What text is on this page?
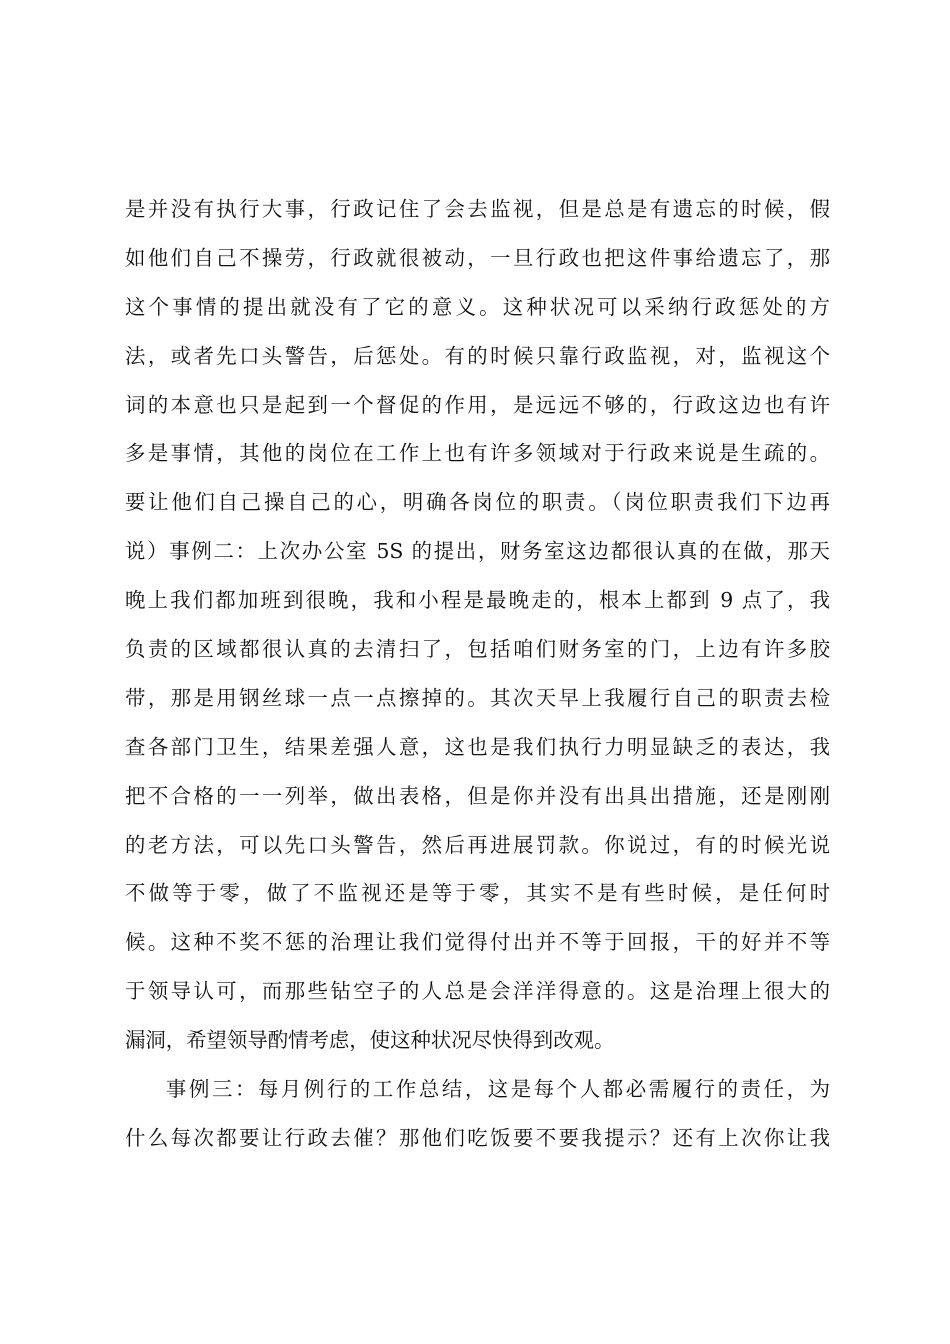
是并没有执行大事，行政记住了会去监视，但是总是有遗忘的时候，假
如他们自己不操劳，行政就很被动，一旦行政也把这件事给遗忘了，那
这个事情的提出就没有了它的意义。这种状况可以采纳行政惩处的方
法，或者先口头警告，后惩处。有的时候只靠行政监视，对，监视这个
词的本意也只是起到一个督促的作用，是远远不够的，行政这边也有许
多是事情，其他的岗位在工作上也有许多领域对于行政来说是生疏的。
要让他们自己操自己的心，明确各岗位的职责。（岗位职责我们下边再
说）事例二：上次办公室 5S 的提出，财务室这边都很认真的在做，那天
晚上我们都加班到很晚，我和小程是最晚走的，根本上都到 9 点了，我
负责的区域都很认真的去清扫了，包括咱们财务室的门，上边有许多胶
带，那是用钢丝球一点一点擦掉的。其次天早上我履行自己的职责去检
查各部门卫生，结果差强人意，这也是我们执行力明显缺乏的表达，我
把不合格的一一列举，做出表格，但是你并没有出具出措施，还是刚刚
的老方法，可以先口头警告，然后再进展罚款。你说过，有的时候光说
不做等于零，做了不监视还是等于零，其实不是有些时候，是任何时
候。这种不奖不惩的治理让我们觉得付出并不等于回报，干的好并不等
于领导认可，而那些钻空子的人总是会洋洋得意的。这是治理上很大的
漏洞，希望领导酌情考虑，使这种状况尽快得到改观。
事例三：每月例行的工作总结，这是每个人都必需履行的责任，为
什么每次都要让行政去催？那他们吃饭要不要我提示？还有上次你让我
